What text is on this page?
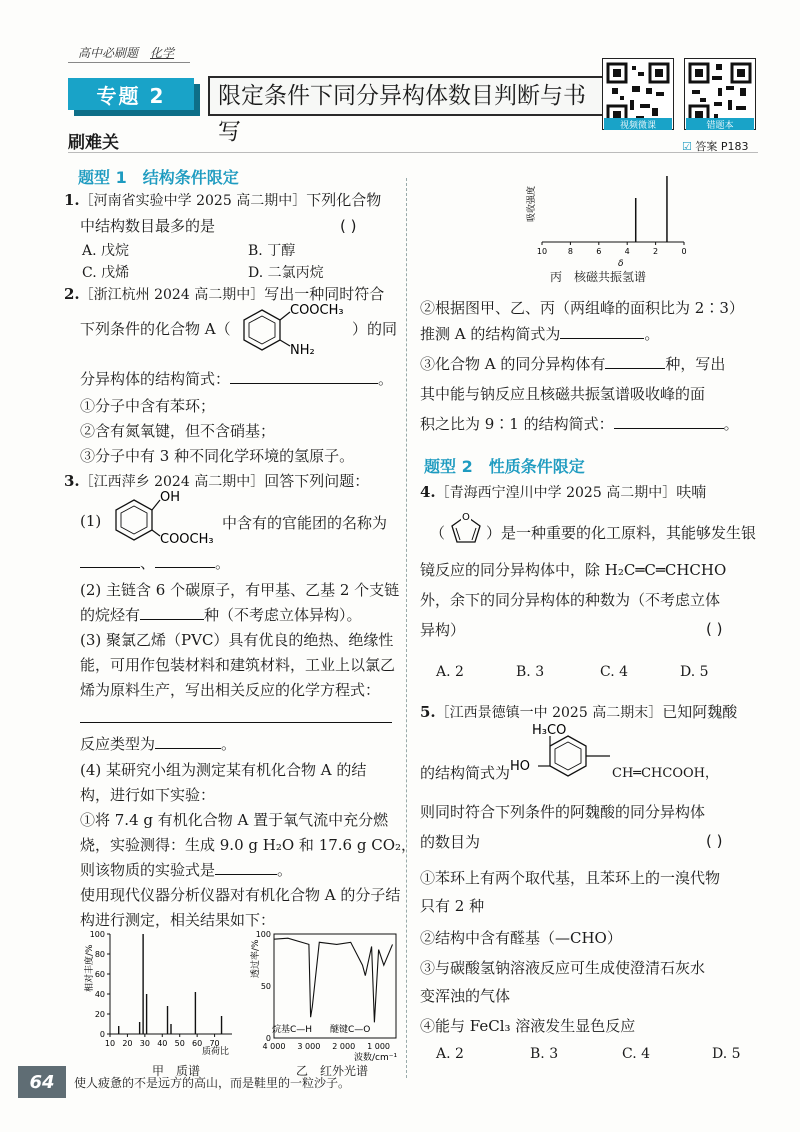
高中必刷题　 化学
专题 2	限定条件下同分异构体数目判断与书写	视频微课	错题本
刷难关	☑ 答案 P183
题型 1　 结构条件限定
1.［河南省实验中学 2025 高二期中］下列化合物
中结构数目最多的是	( )
A. 戊烷	B. 丁醇
C. 戊烯	D. 二氯丙烷
2.［浙江杭州 2024 高二期中］写出一种同时符合
下列条件的化合物 A（
COOCH₃
NH₂
）的同
分异构体的结构简式：	。
①分子中含有苯环；
②含有氮氧键，但不含硝基；
③分子中有 3 种不同化学环境的氢原子。
3.［江西萍乡 2024 高二期中］回答下列问题：
(1)
OH
COOCH₃
中含有的官能团的名称为
、	。
(2) 主链含 6 个碳原子，有甲基、乙基 2 个支链
的烷烃有	种（不考虑立体异构）。
(3) 聚氯乙烯（PVC）具有优良的绝热、绝缘性
能，可用作包装材料和建筑材料，工业上以氯乙
烯为原料生产，写出相关反应的化学方程式：
反应类型为	。
(4) 某研究小组为测定某有机化合物 A 的结
构，进行如下实验：
①将 7.4 g 有机化合物 A 置于氧气流中充分燃
烧，实验测得：生成 9.0 g H₂O 和 17.6 g CO₂，
则该物质的实验式是	。
使用现代仪器分析仪器对有机化合物 A 的分子结
构进行测定，相关结果如下：
0
20
40
60
80
100
10 20 30 40 50 60 70
相对丰度/%
质荷比
甲　质谱
0
50
100
4 000 3 000 2 000 1 000
透过率/%
波数/cm⁻¹
烷基C—H 醚键C—O
乙　红外光谱
10	8	6	4	2	0
吸收强度
δ
丙　核磁共振氢谱
②根据图甲、乙、丙（两组峰的面积比为 2∶3）
推测 A 的结构简式为	。
③化合物 A 的同分异构体有	种，写出
其中能与钠反应且核磁共振氢谱吸收峰的面
积之比为 9∶1 的结构简式：	。
题型 2　 性质条件限定
4.［青海西宁湟川中学 2025 高二期中］呋喃
（
O
）是一种重要的化工原料，其能够发生银
镜反应的同分异构体中，除 H₂C═C═CHCHO
外，余下的同分异构体的种数为（不考虑立体
异构）	( )
A. 2	B. 3	C. 4	D. 5
5.［江西景德镇一中 2025 高二期末］已知阿魏酸
H₃CO
HO
的结构简式为	CH═CHCOOH，
则同时符合下列条件的阿魏酸的同分异构体
的数目为	( )
①苯环上有两个取代基，且苯环上的一溴代物
只有 2 种
②结构中含有醛基（—CHO）
③与碳酸氢钠溶液反应可生成使澄清石灰水
变浑浊的气体
④能与 FeCl₃ 溶液发生显色反应
A. 2	B. 3	C. 4	D. 5
64	使人疲惫的不是远方的高山，而是鞋里的一粒沙子。
